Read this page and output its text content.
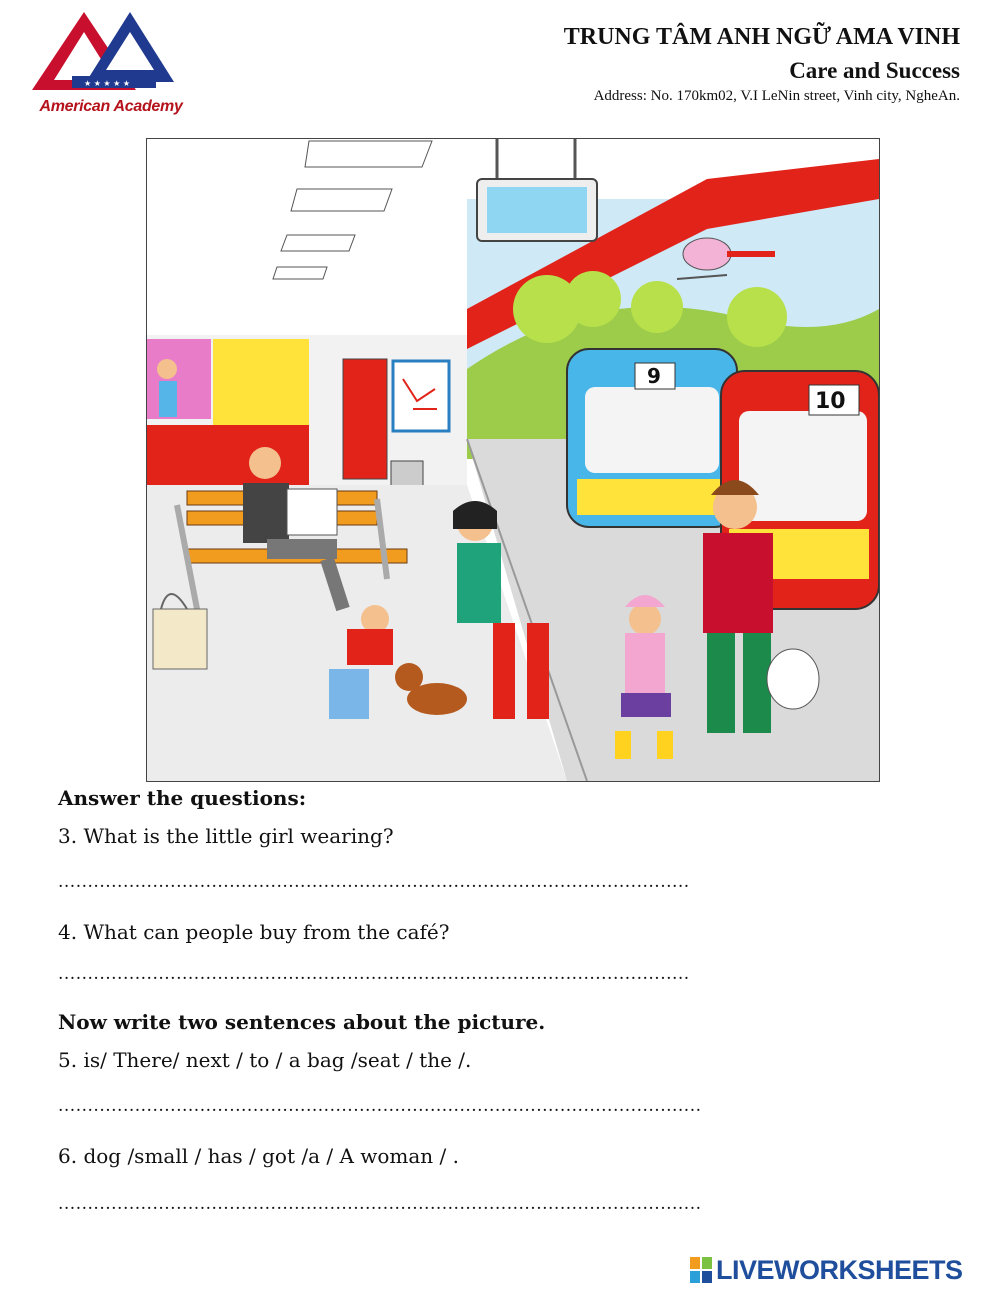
★ ★ ★ ★ ★
American Academy
TRUNG TÂM ANH NGỮ AMA VINH
Care and Success
Address: No. 170km02, V.I LeNin street, Vinh city, NgheAn.
9
10
Answer the questions:
3. What is the little girl wearing?
...........................................................................................................
4. What can people buy from the café?
...........................................................................................................
Now write two sentences about the picture.
5. is/ There/ next / to / a bag /seat / the /.
.............................................................................................................
6. dog /small / has / got /a / A woman / .
.............................................................................................................
LIVEWORKSHEETS
